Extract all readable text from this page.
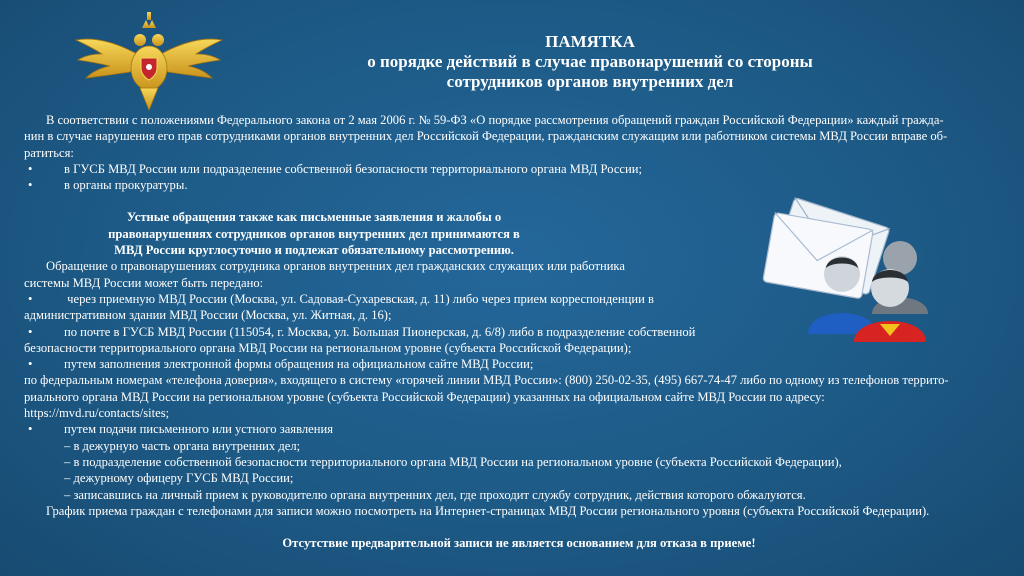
ПАМЯТКА
о порядке действий в случае правонарушений со стороны
сотрудников органов внутренних дел
В соответствии с положениями Федерального закона от 2 мая 2006 г. № 59-ФЗ «О порядке рассмотрения обращений граждан Российской Федерации» каждый гражда-
нин в случае нарушения его прав сотрудниками органов внутренних дел Российской Федерации, гражданским служащим или работником системы МВД России вправе об-
ратиться:
•	в ГУСБ МВД России или подразделение собственной безопасности территориального органа МВД России;
•	в органы прокуратуры.
Устные обращения также как письменные заявления и жалобы о
правонарушениях сотрудников органов внутренних дел принимаются в
МВД России круглосуточно и подлежат обязательному рассмотрению.
Обращение о правонарушениях сотрудника органов внутренних дел гражданских служащих или работника
системы МВД России может быть передано:
•	через приемную МВД России (Москва, ул. Садовая-Сухаревская, д. 11) либо через прием корреспонденции в
административном здании МВД России (Москва, ул. Житная, д. 16);
•	по почте в ГУСБ МВД России (115054, г. Москва, ул. Большая Пионерская, д. 6/8) либо в подразделение собственной
безопасности территориального органа МВД России на региональном уровне (субъекта Российской Федерации);
•	путем заполнения электронной формы обращения на официальном сайте МВД России;
по федеральным номерам «телефона доверия», входящего в систему «горячей линии МВД России»: (800) 250-02-35, (495) 667-74-47 либо по одному из телефонов террито-
риального органа МВД России на региональном уровне (субъекта Российской Федерации) указанных на официальном сайте МВД России по адресу:
https://mvd.ru/contacts/sites;
•	путем подачи письменного или устного заявления
– в дежурную часть органа внутренних дел;
– в подразделение собственной безопасности территориального органа МВД России на региональном уровне (субъекта Российской Федерации),
– дежурному офицеру ГУСБ МВД России;
– записавшись на личный прием к руководителю органа внутренних дел, где проходит службу сотрудник, действия которого обжалуются.
График приема граждан с телефонами для записи можно посмотреть на Интернет-страницах МВД России регионального уровня (субъекта Российской Федерации).
Отсутствие предварительной записи не является основанием для отказа в приеме!
